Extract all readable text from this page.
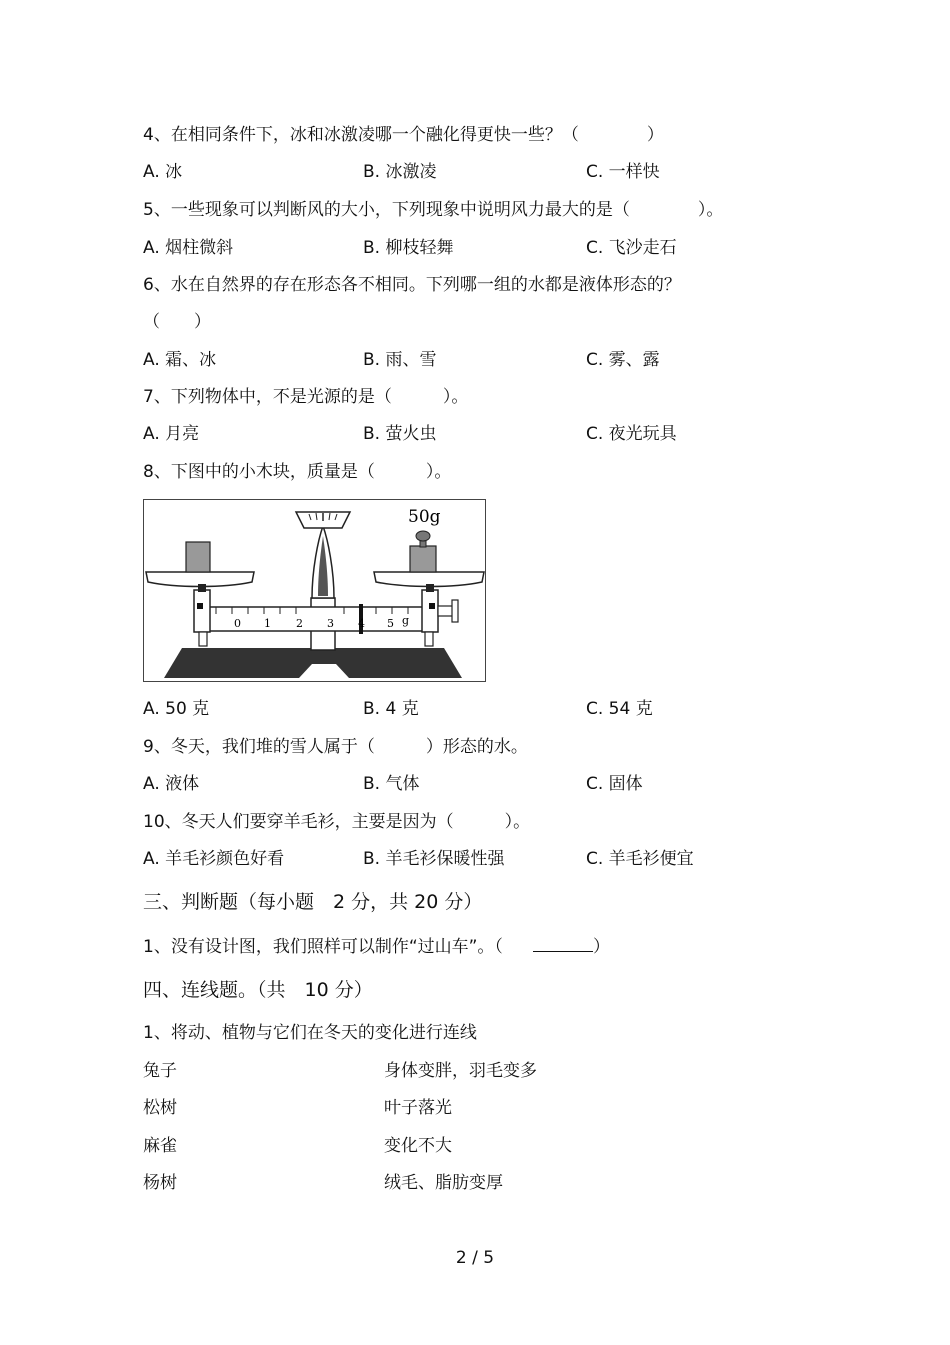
4、在相同条件下，冰和冰激凌哪一个融化得更快一些？（　　　　）
A. 冰	B. 冰激凌	C. 一样快
5、一些现象可以判断风的大小，下列现象中说明风力最大的是（　　　　）。
A. 烟柱微斜	B. 柳枝轻舞	C. 飞沙走石
6、水在自然界的存在形态各不相同。下列哪一组的水都是液体形态的？
（　　）
A. 霜、冰	B. 雨、雪	C. 雾、露
7、下列物体中，不是光源的是（　　　）。
A. 月亮	B. 萤火虫	C. 夜光玩具
8、下图中的小木块，质量是（　　　）。
0 1 2 3 4 5 g
50g
A. 50 克	B. 4 克	C. 54 克
9、冬天，我们堆的雪人属于（　　　）形态的水。
A. 液体	B. 气体	C. 固体
10、冬天人们要穿羊毛衫，主要是因为（　　　）。
A. 羊毛衫颜色好看	B. 羊毛衫保暖性强	C. 羊毛衫便宜
三、判断题（每小题　2 分，共 20 分）
1、没有设计图，我们照样可以制作“过山车”。（	）
四、连线题。（共　10 分）
1、将动、植物与它们在冬天的变化进行连线
兔子	身体变胖，羽毛变多
松树	叶子落光
麻雀	变化不大
杨树	绒毛、脂肪变厚
2 / 5
